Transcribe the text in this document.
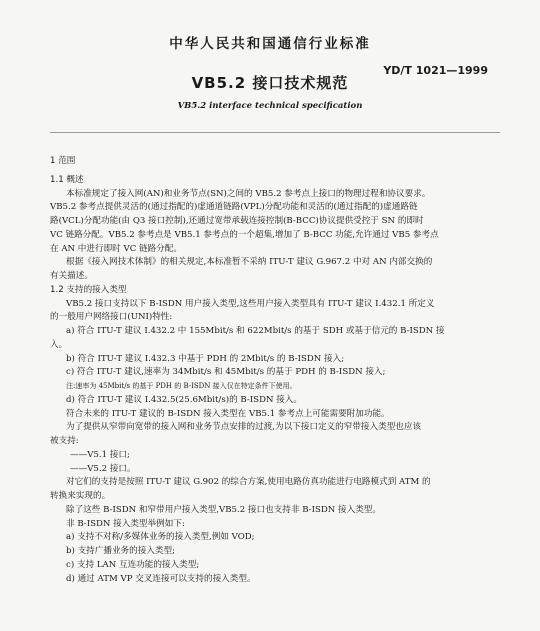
中华人民共和国通信行业标准
YD/T 1021—1999
VB5.2 接口技术规范
VB5.2 interface technical specification

1 范围

1.1 概述

本标准规定了接入网(AN)和业务节点(SN)之间的 VB5.2 参考点上接口的物理过程和协议要求。

VB5.2 参考点提供灵活的(通过指配的)虚通道链路(VPL)分配功能和灵活的(通过指配的)虚通路链

路(VCL)分配功能(由 Q3 接口控制),还通过宽带承载连接控制(B-BCC)协议提供受控于 SN 的即时

VC 链路分配。VB5.2 参考点是 VB5.1 参考点的一个超集,增加了 B-BCC 功能,允许通过 VB5 参考点

在 AN 中进行即时 VC 链路分配。

根据《接入网技术体制》的相关规定,本标准暂不采纳 ITU-T 建议 G.967.2 中对 AN 内部交换的

有关描述。

1.2 支持的接入类型

VB5.2 接口支持以下 B-ISDN 用户接入类型,这些用户接入类型具有 ITU-T 建议 I.432.1 所定义

的一般用户网络接口(UNI)特性:

a) 符合 ITU-T 建议 I.432.2 中 155Mbit/s 和 622Mbit/s 的基于 SDH 或基于信元的 B-ISDN 接

入。

b) 符合 ITU-T 建议 I.432.3 中基于 PDH 的 2Mbit/s 的 B-ISDN 接入;

c) 符合 ITU-T 建议,速率为 34Mbit/s 和 45Mbit/s 的基于 PDH 的 B-ISDN 接入;

注:速率为 45Mbit/s 的基于 PDH 的 B-ISDN 接入仅在特定条件下使用。

d) 符合 ITU-T 建议 I.432.5(25.6Mbit/s)的 B-ISDN 接入。

符合未来的 ITU-T 建议的 B-ISDN 接入类型在 VB5.1 参考点上可能需要附加功能。

为了提供从窄带向宽带的接入网和业务节点安排的过渡,为以下接口定义的窄带接入类型也应该

被支持:

——V5.1 接口;

——V5.2 接口。

对它们的支持是按照 ITU-T 建议 G.902 的综合方案,使用电路仿真功能进行电路模式到 ATM 的

转换来实现的。

除了这些 B-ISDN 和窄带用户接入类型,VB5.2 接口也支持非 B-ISDN 接入类型。

非 B-ISDN 接入类型举例如下:

a) 支持不对称/多媒体业务的接入类型,例如 VOD;

b) 支持广播业务的接入类型;

c) 支持 LAN 互连功能的接入类型;

d) 通过 ATM VP 交叉连接可以支持的接入类型。
